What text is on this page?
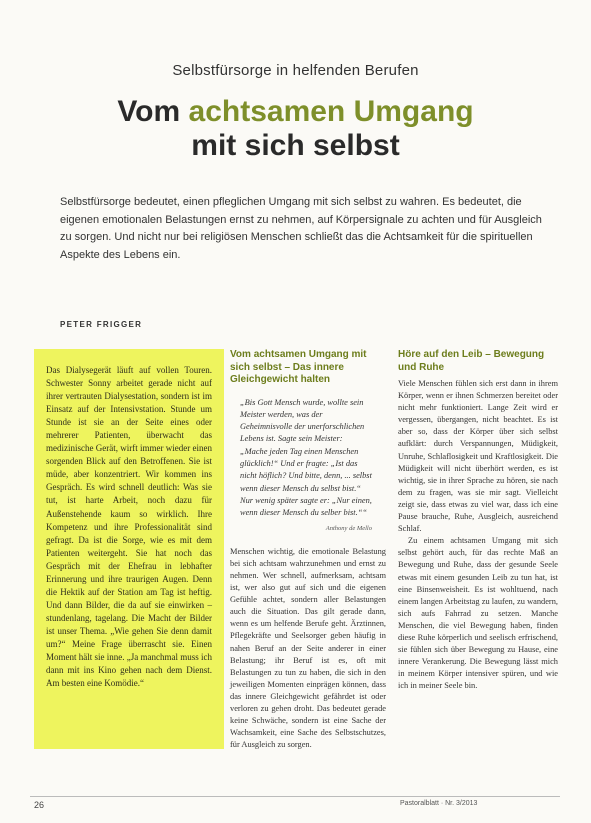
Selbstfürsorge in helfenden Berufen
Vom achtsamen Umgang
mit sich selbst
Selbstfürsorge bedeutet, einen pfleglichen Umgang mit sich selbst zu wahren. Es bedeutet, die eigenen emotionalen Belastungen ernst zu nehmen, auf Körpersignale zu achten und für Ausgleich zu sorgen. Und nicht nur bei religiösen Menschen schließt das die Achtsamkeit für die spirituellen Aspekte des Lebens ein.
PETER FRIGGER
Das Dialysegerät läuft auf vollen Touren. Schwester Sonny arbeitet gerade nicht auf ihrer vertrauten Dialysestation, sondern ist im Einsatz auf der Intensivstation. Stunde um Stunde ist sie an der Seite eines oder mehrerer Patienten, überwacht das medizinische Gerät, wirft immer wieder einen sorgenden Blick auf den Betroffenen. Sie ist müde, aber konzentriert. Wir kommen ins Gespräch. Es wird schnell deutlich: Was sie tut, ist harte Arbeit, noch dazu für Außenstehende kaum so wirklich. Ihre Kompetenz und ihre Professionalität sind gefragt. Da ist die Sorge, wie es mit dem Patienten weitergeht. Sie hat noch das Gespräch mit der Ehefrau in lebhafter Erinnerung und ihre traurigen Augen. Denn die Hektik auf der Station am Tag ist heftig. Und dann Bilder, die da auf sie einwirken – stundenlang, tagelang. Die Macht der Bilder ist unser Thema. „Wie gehen Sie denn damit um?“ Meine Frage überrascht sie. Einen Moment hält sie inne. „Ja manchmal muss ich dann mit ins Kino gehen nach dem Dienst. Am besten eine Komödie.“
Vom achtsamen Umgang mit sich selbst – Das innere Gleichgewicht halten
„Bis Gott Mensch wurde, wollte sein Meister werden, was der Geheimnisvolle der unerforschlichen Lebens ist. Sagte sein Meister: „Mache jeden Tag einen Menschen glücklich!“ Und er fragte: „Ist das nicht höflich? Und bitte, denn, ... selbst wenn dieser Mensch du selbst bist.“ Nur wenig später sagte er: „Nur einen, wenn dieser Mensch du selber bist.““
Anthony de Mello
Menschen wichtig, die emotionale Belastung bei sich achtsam wahrzunehmen und ernst zu nehmen. Wer schnell, aufmerksam, achtsam ist, wer also gut auf sich und die eigenen Gefühle achtet, sondern aller Belastungen auch die Situation. Das gilt gerade dann, wenn es um helfende Berufe geht. Ärztinnen, Pflegekräfte und Seelsorger geben häufig in nahen Beruf an der Seite anderer in einer Belastung; ihr Beruf ist es, oft mit Belastungen zu tun zu haben, die sich in den jeweiligen Momenten einprägen können, dass das innere Gleichgewicht gefährdet ist oder verloren zu gehen droht. Das bedeutet gerade keine Schwäche, sondern ist eine Sache der Wachsamkeit, eine Sache des Selbstschutzes, für Ausgleich zu sorgen.
Höre auf den Leib – Bewegung und Ruhe

Viele Menschen fühlen sich erst dann in ihrem Körper, wenn er ihnen Schmerzen bereitet oder nicht mehr funktioniert. Lange Zeit wird er vergessen, übergangen, nicht beachtet. Es ist aber so, dass der Körper über sich selbst aufklärt: durch Verspannungen, Müdigkeit, Unruhe, Schlaflosigkeit und Kraftlosigkeit. Die Müdigkeit will nicht überhört werden, es ist wichtig, sie in ihrer Sprache zu hören, sie nach dem zu fragen, was sie mir sagt. Vielleicht zeigt sie, dass etwas zu viel war, dass ich eine Pause brauche, Ruhe, Ausgleich, ausreichend Schlaf.

Zu einem achtsamen Umgang mit sich selbst gehört auch, für das rechte Maß an Bewegung und Ruhe, dass der gesunde Seele etwas mit einem gesunden Leib zu tun hat, ist eine Binsenweisheit. Es ist wohltuend, nach einem langen Arbeitstag zu laufen, zu wandern, sich aufs Fahrrad zu setzen. Manche Menschen, die viel Bewegung haben, finden diese Ruhe körperlich und seelisch erfrischend, sie fühlen sich über Bewegung zu Hause, eine innere Verankerung. Die Bewegung lässt mich in meinem Körper intensiver spüren, und wie ich in meiner Seele bin.

26	Pastoralblatt · Nr. 3/2013
